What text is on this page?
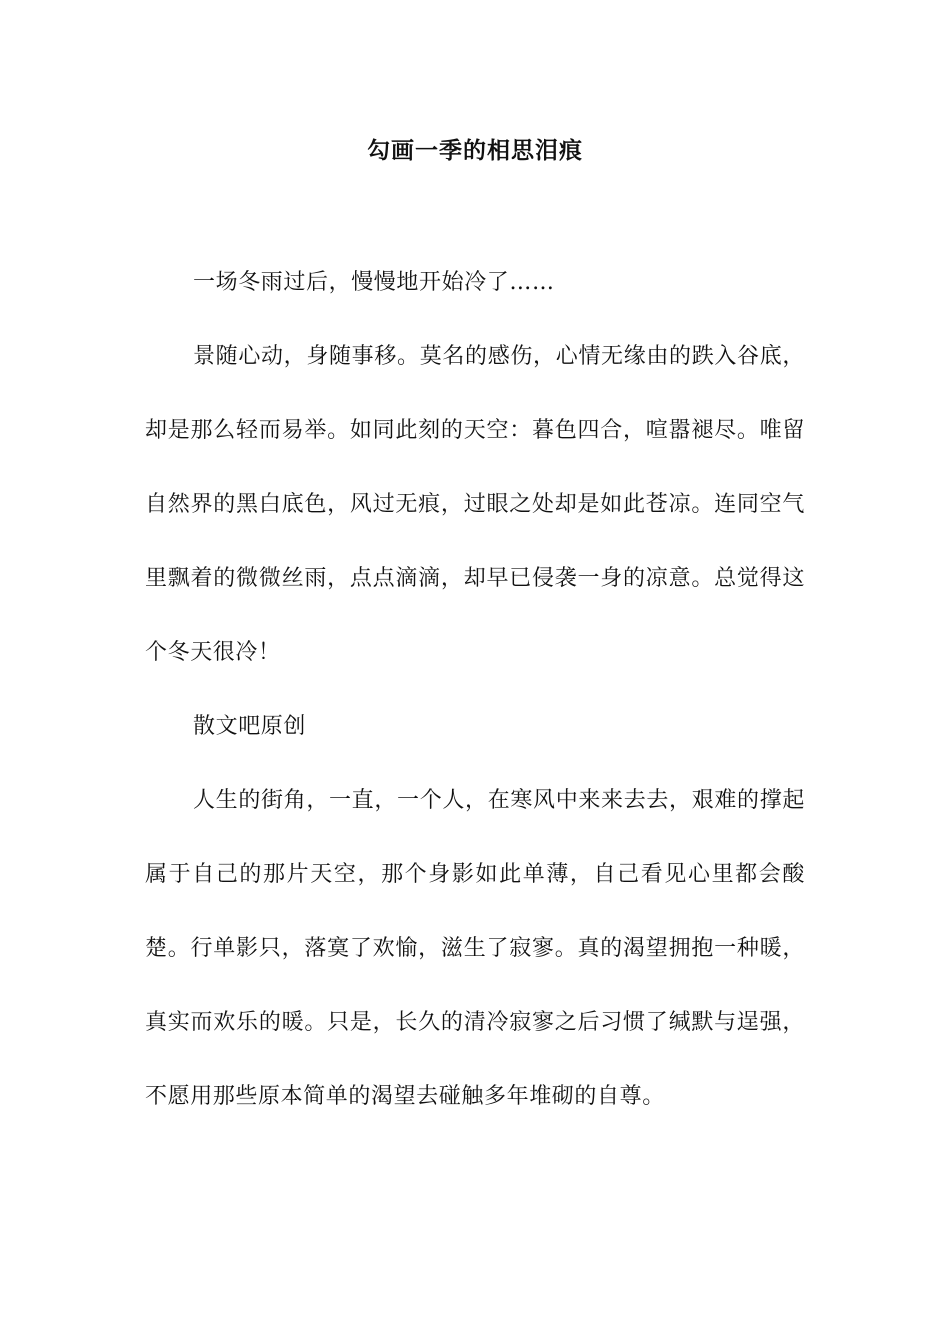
勾画一季的相思泪痕

一场冬雨过后，慢慢地开始冷了……

景随心动，身随事移。莫名的感伤，心情无缘由的跌入谷底，却是那么轻而易举。如同此刻的天空：暮色四合，喧嚣褪尽。唯留自然界的黑白底色，风过无痕，过眼之处却是如此苍凉。连同空气里飘着的微微丝雨，点点滴滴，却早已侵袭一身的凉意。总觉得这个冬天很冷！

散文吧原创

人生的街角，一直，一个人，在寒风中来来去去，艰难的撑起属于自己的那片天空，那个身影如此单薄，自己看见心里都会酸楚。行单影只，落寞了欢愉，滋生了寂寥。真的渴望拥抱一种暖，真实而欢乐的暖。只是，长久的清冷寂寥之后习惯了缄默与逞强，不愿用那些原本简单的渴望去碰触多年堆砌的自尊。
